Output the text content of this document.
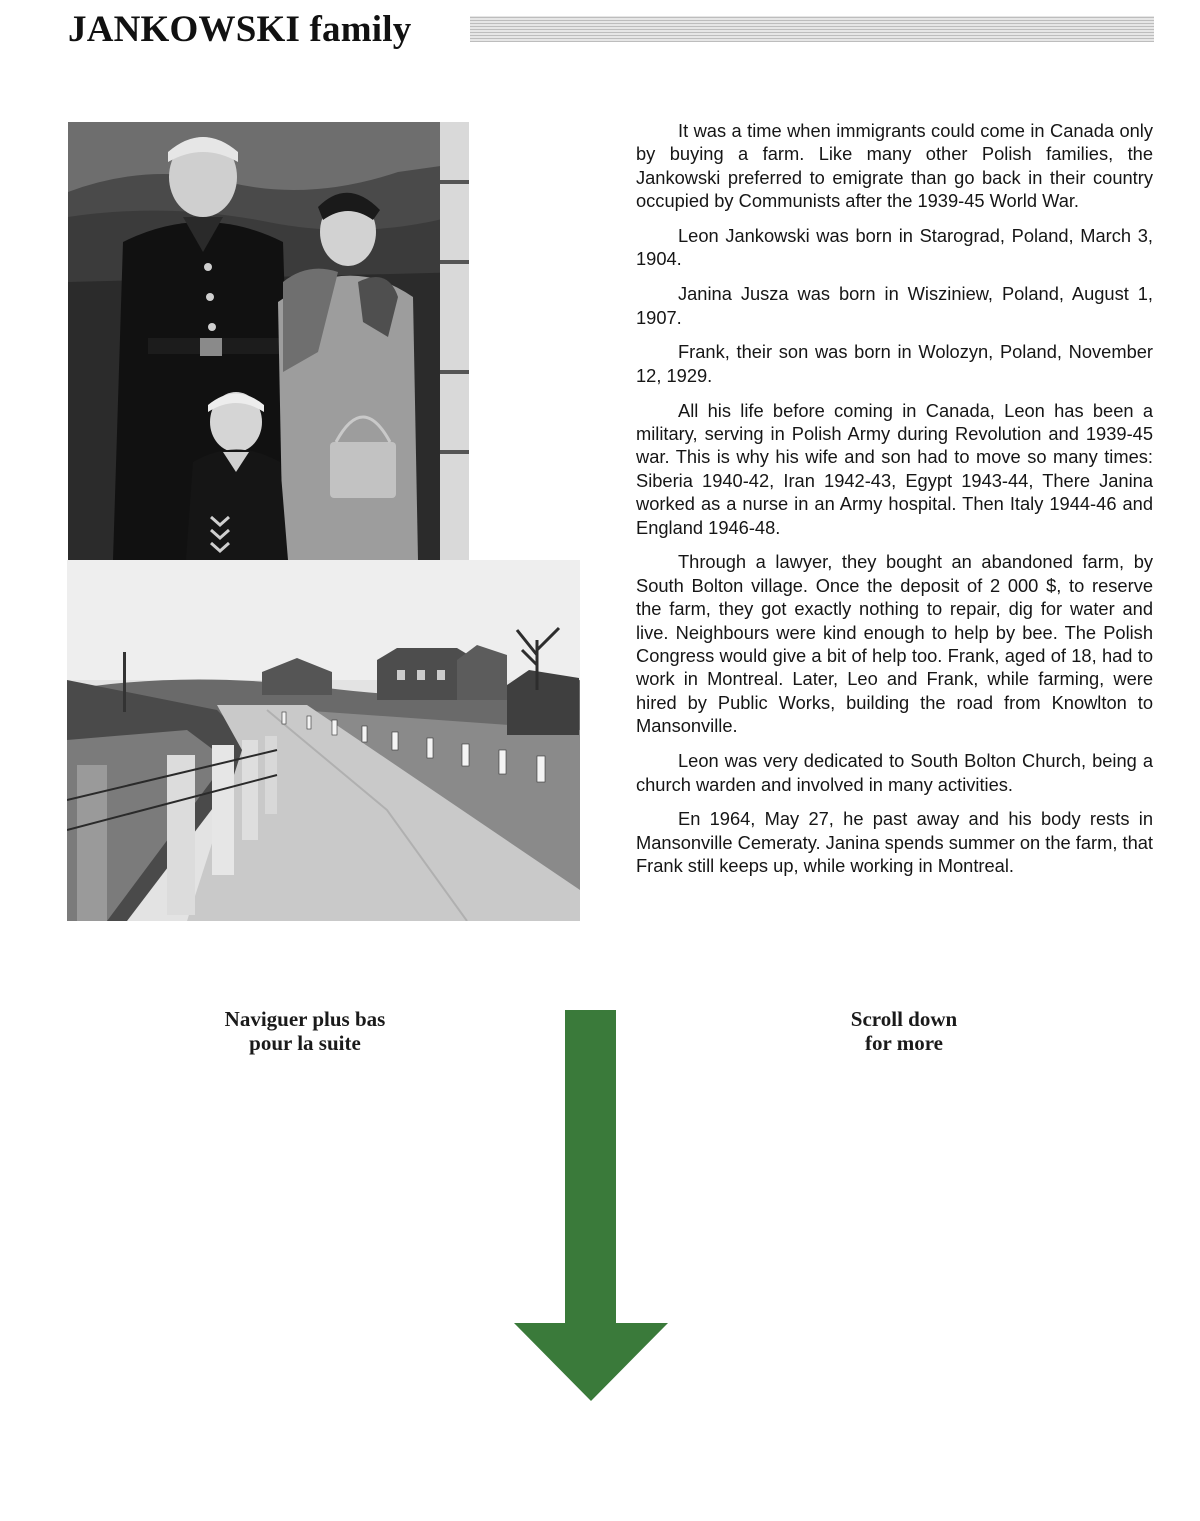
JANKOWSKI family

It was a time when immigrants could come in Canada only by buying a farm. Like many other Polish families, the Jankowski preferred to emigrate than go back in their country occupied by Communists after the 1939-45 World War.

Leon Jankowski was born in Starograd, Poland, March 3, 1904.

Janina Jusza was born in Wisziniew, Poland, August 1, 1907.

Frank, their son was born in Wolozyn, Poland, November 12, 1929.

All his life before coming in Canada, Leon has been a military, serving in Polish Army during Revolution and 1939-45 war. This is why his wife and son had to move so many times: Siberia 1940-42, Iran 1942-43, Egypt 1943-44, There Janina worked as a nurse in an Army hospital. Then Italy 1944-46 and England 1946-48.

Through a lawyer, they bought an abandoned farm, by South Bolton village. Once the deposit of 2 000 $, to reserve the farm, they got exactly nothing to repair, dig for water and live. Neighbours were kind enough to help by bee. The Polish Congress would give a bit of help too. Frank, aged of 18, had to work in Montreal. Later, Leo and Frank, while farming, were hired by Public Works, building the road from Knowlton to Mansonville.

Leon was very dedicated to South Bolton Church, being a church warden and involved in many activities.

En 1964, May 27, he past away and his body rests in Mansonville Cemeraty. Janina spends summer on the farm, that Frank still keeps up, while working in Montreal.

Naviguer plus bas
pour la suite
Scroll down
for more
